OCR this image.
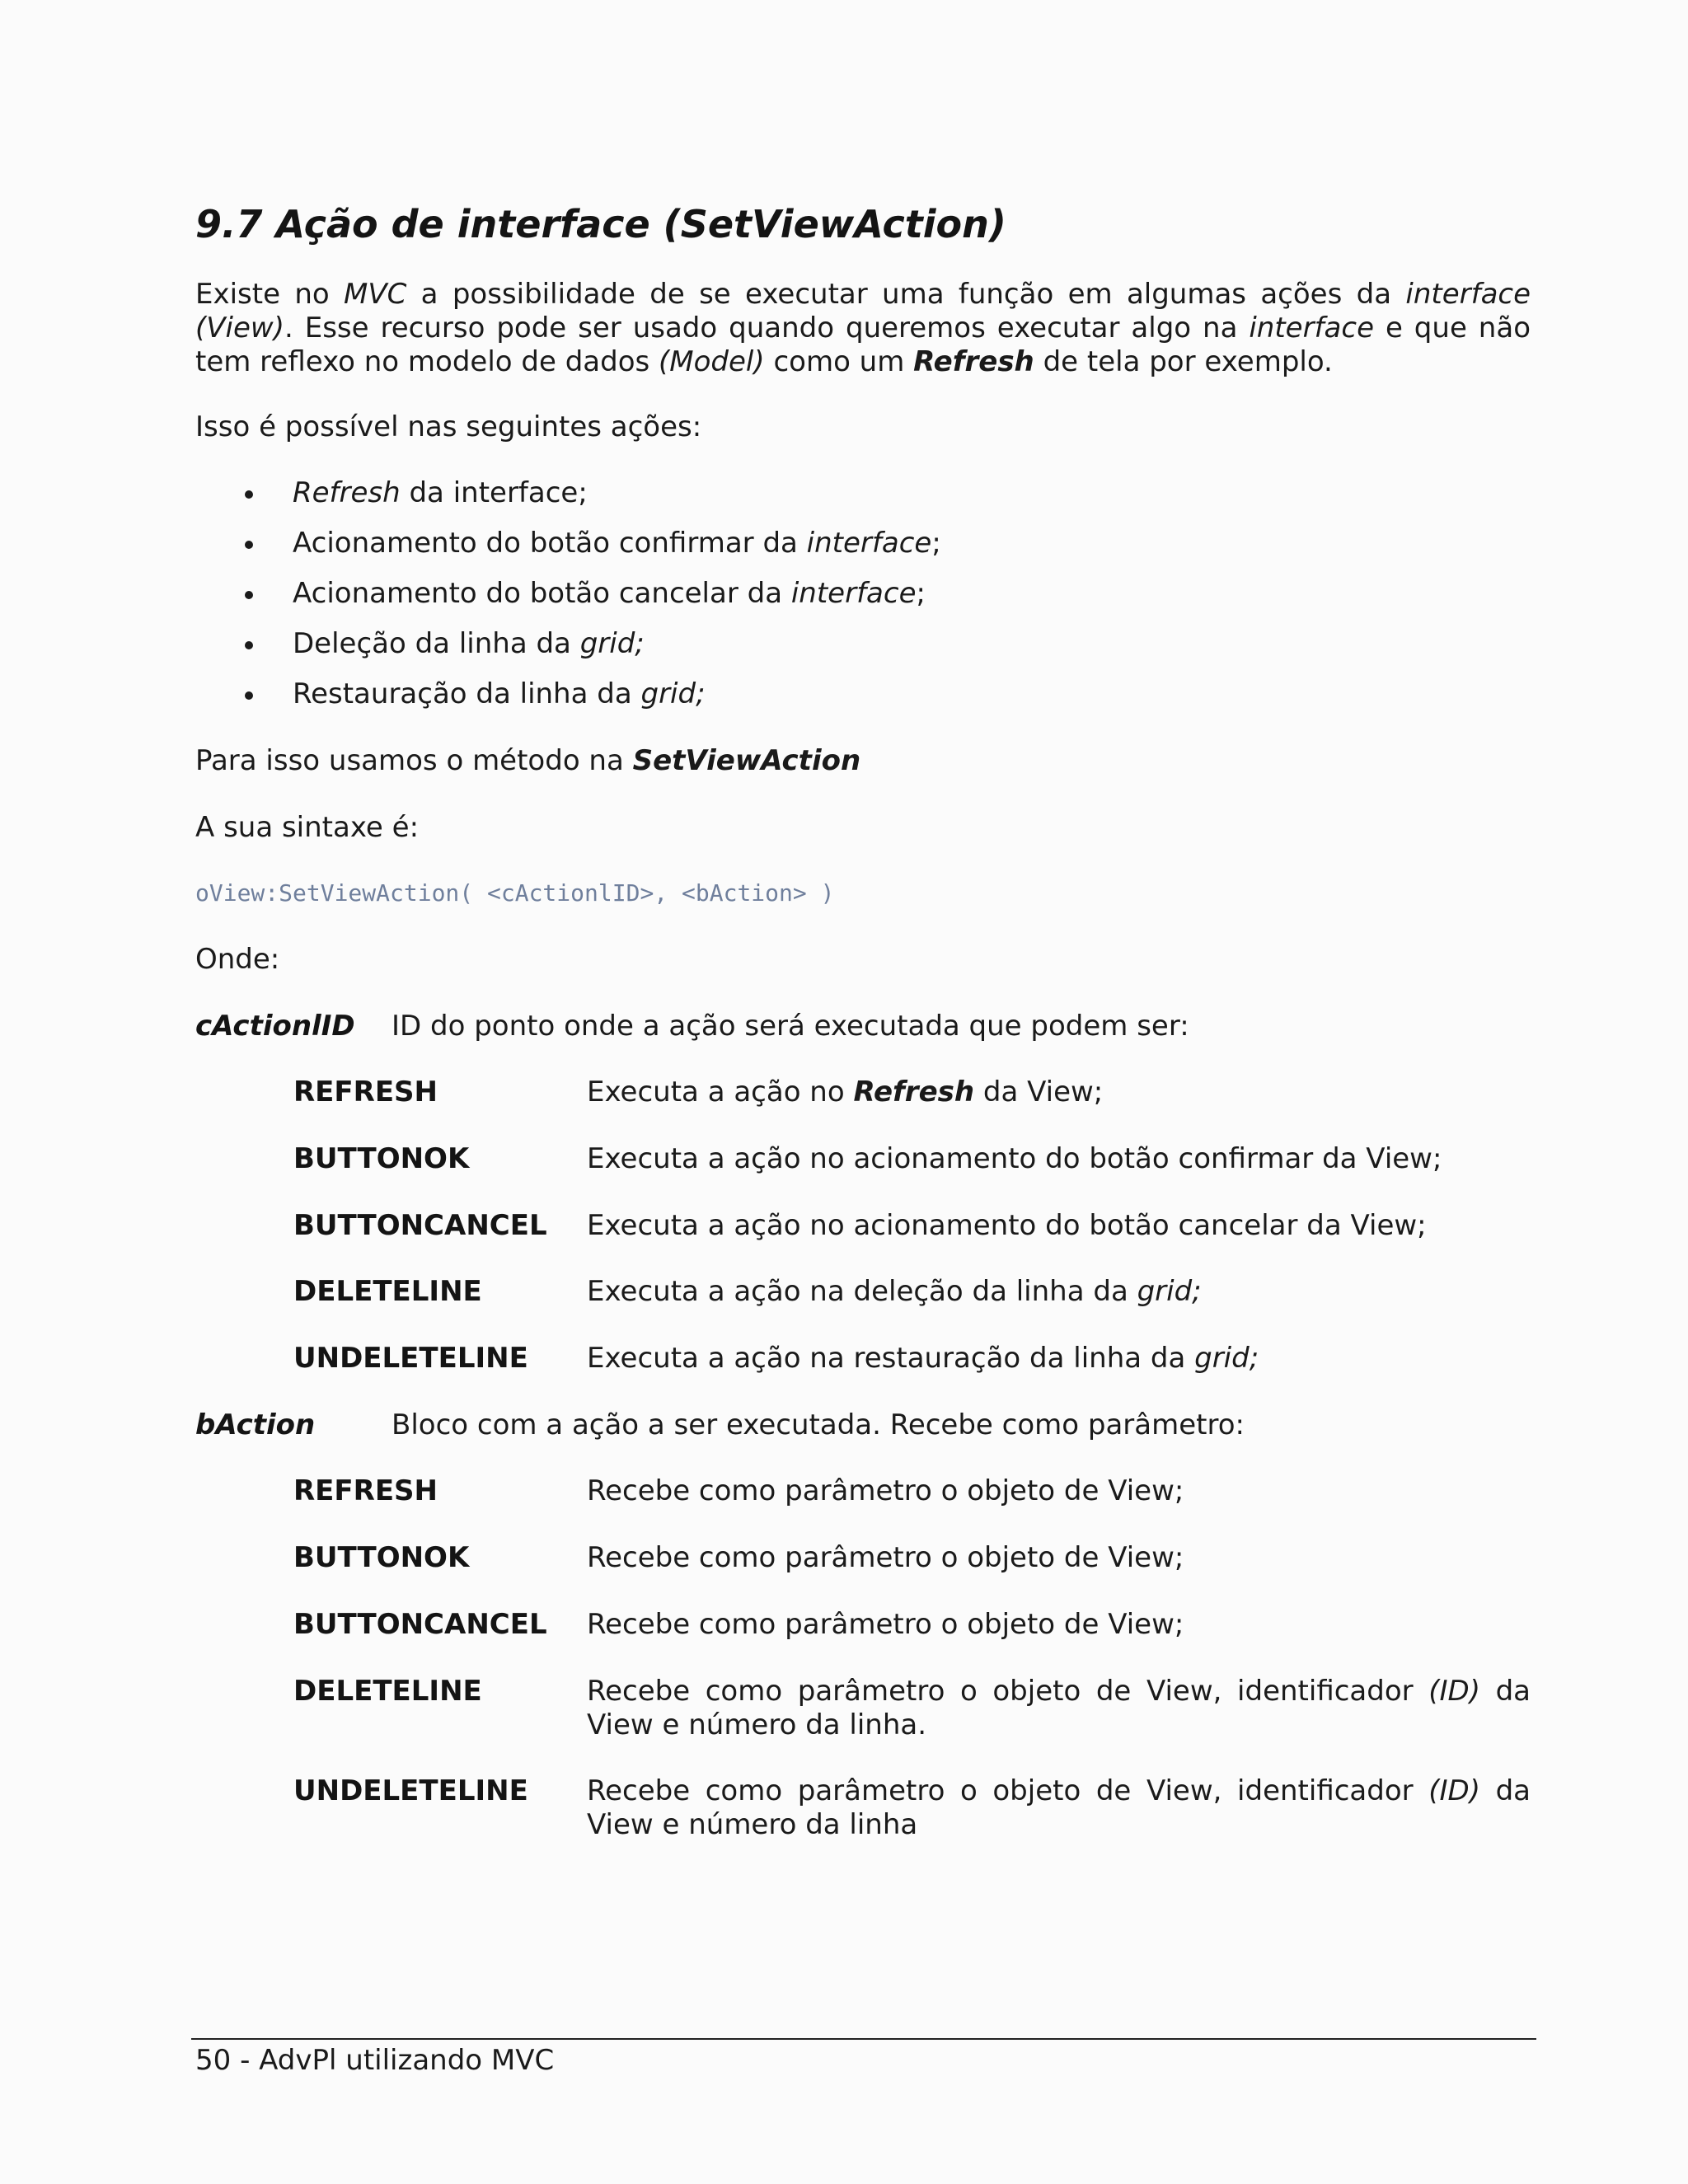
9.7 Ação de interface (SetViewAction)

Existe no MVC a possibilidade de se executar uma função em algumas ações da interface
(View). Esse recurso pode ser usado quando queremos executar algo na interface e que não
tem reflexo no modelo de dados (Model) como um Refresh de tela por exemplo.

Isso é possível nas seguintes ações:

Refresh da interface;
Acionamento do botão confirmar da interface;
Acionamento do botão cancelar da interface;
Deleção da linha da grid;
Restauração da linha da grid;

Para isso usamos o método na SetViewAction

A sua sintaxe é:

oView:SetViewAction( <cActionlID>, <bAction> )

Onde:

cActionlID ID do ponto onde a ação será executada que podem ser:

REFRESH	Executa a ação no Refresh da View;

BUTTONOK	Executa a ação no acionamento do botão confirmar da View;

BUTTONCANCEL Executa a ação no acionamento do botão cancelar da View;

DELETELINE	Executa a ação na deleção da linha da grid;

UNDELETELINE Executa a ação na restauração da linha da grid;

bAction	Bloco com a ação a ser executada. Recebe como parâmetro:

REFRESH	Recebe como parâmetro o objeto de View;

BUTTONOK	Recebe como parâmetro o objeto de View;

BUTTONCANCEL Recebe como parâmetro o objeto de View;

DELETELINE	Recebe como parâmetro o objeto de View, identificador (ID) da
View e número da linha.

UNDELETELINE Recebe como parâmetro o objeto de View, identificador (ID) da
View e número da linha

50 - AdvPl utilizando MVC
